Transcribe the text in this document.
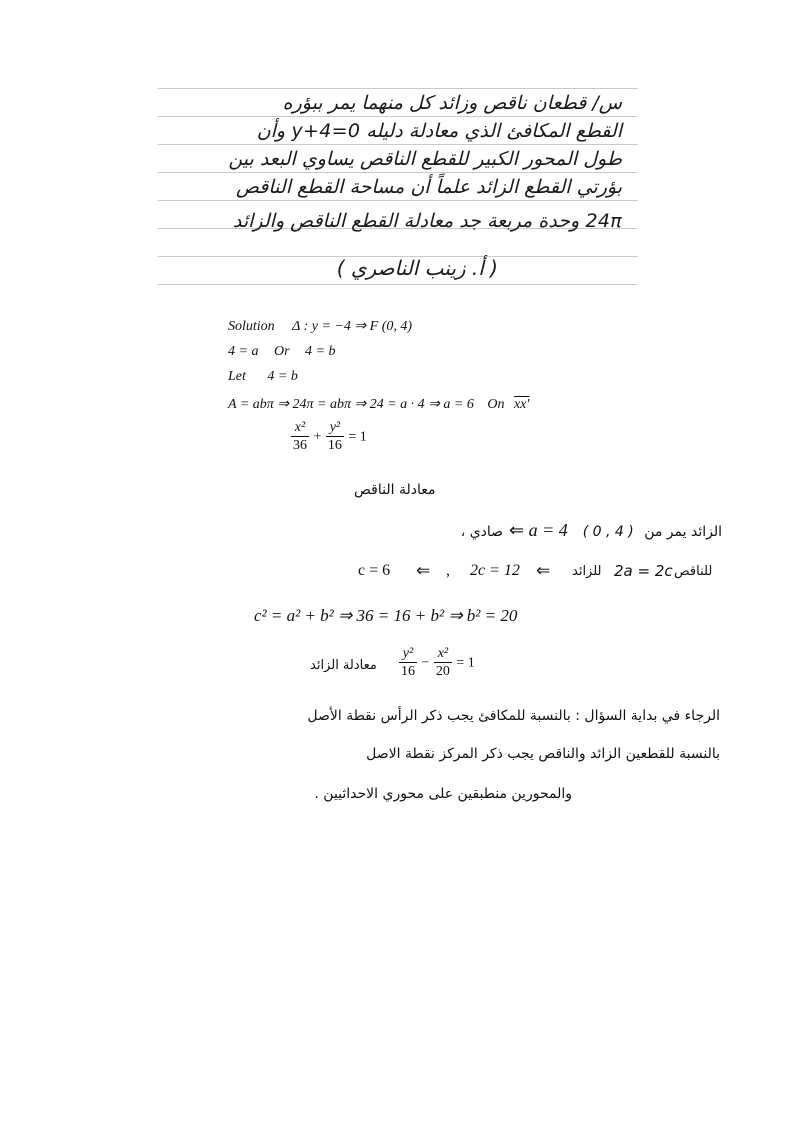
س/ قطعان ناقص وزائد كل منهما يمر ببؤره
القطع المكافئ الذي معادلة دليله y+4=0 وأن
طول المحور الكبير للقطع الناقص يساوي البعد بين
بؤرتي القطع الزائد علماً أن مساحة القطع الناقص
24π وحدة مربعة جد معادلة القطع الناقص والزائد
( أ. زينب الناصري )
Solution Δ : y = −4 ⇒ F (0, 4)
4 = a Or 4 = b
Let 4 = b
A = abπ ⇒ 24π = abπ ⇒ 24 = a · 4 ⇒ a = 6 On xx'
$\frac{\text{x²}}{36} + \frac{\text{y²}}{16} = 1$
معادلة الناقص
الزائد يمر من ( 0 , 4 ) ⇐ a = 4 صادي ،
c = 6 ⇐ , 2c = 12 ⇐ للزائد 2a = 2c للناقص
c² = a² + b² ⇒ 36 = 16 + b² ⇒ b² = 20
معادلة الزائد $\frac{\text{y²}}{16} - \frac{\text{x²}}{20} = 1$
الرجاء في بداية السؤال : بالنسبة للمكافئ يجب ذكر الرأس نقطة الأصل
بالنسبة للقطعين الزائد والناقص يجب ذكر المركز نقطة الاصل
والمحورين منطبقين على محوري الاحداثيين .
